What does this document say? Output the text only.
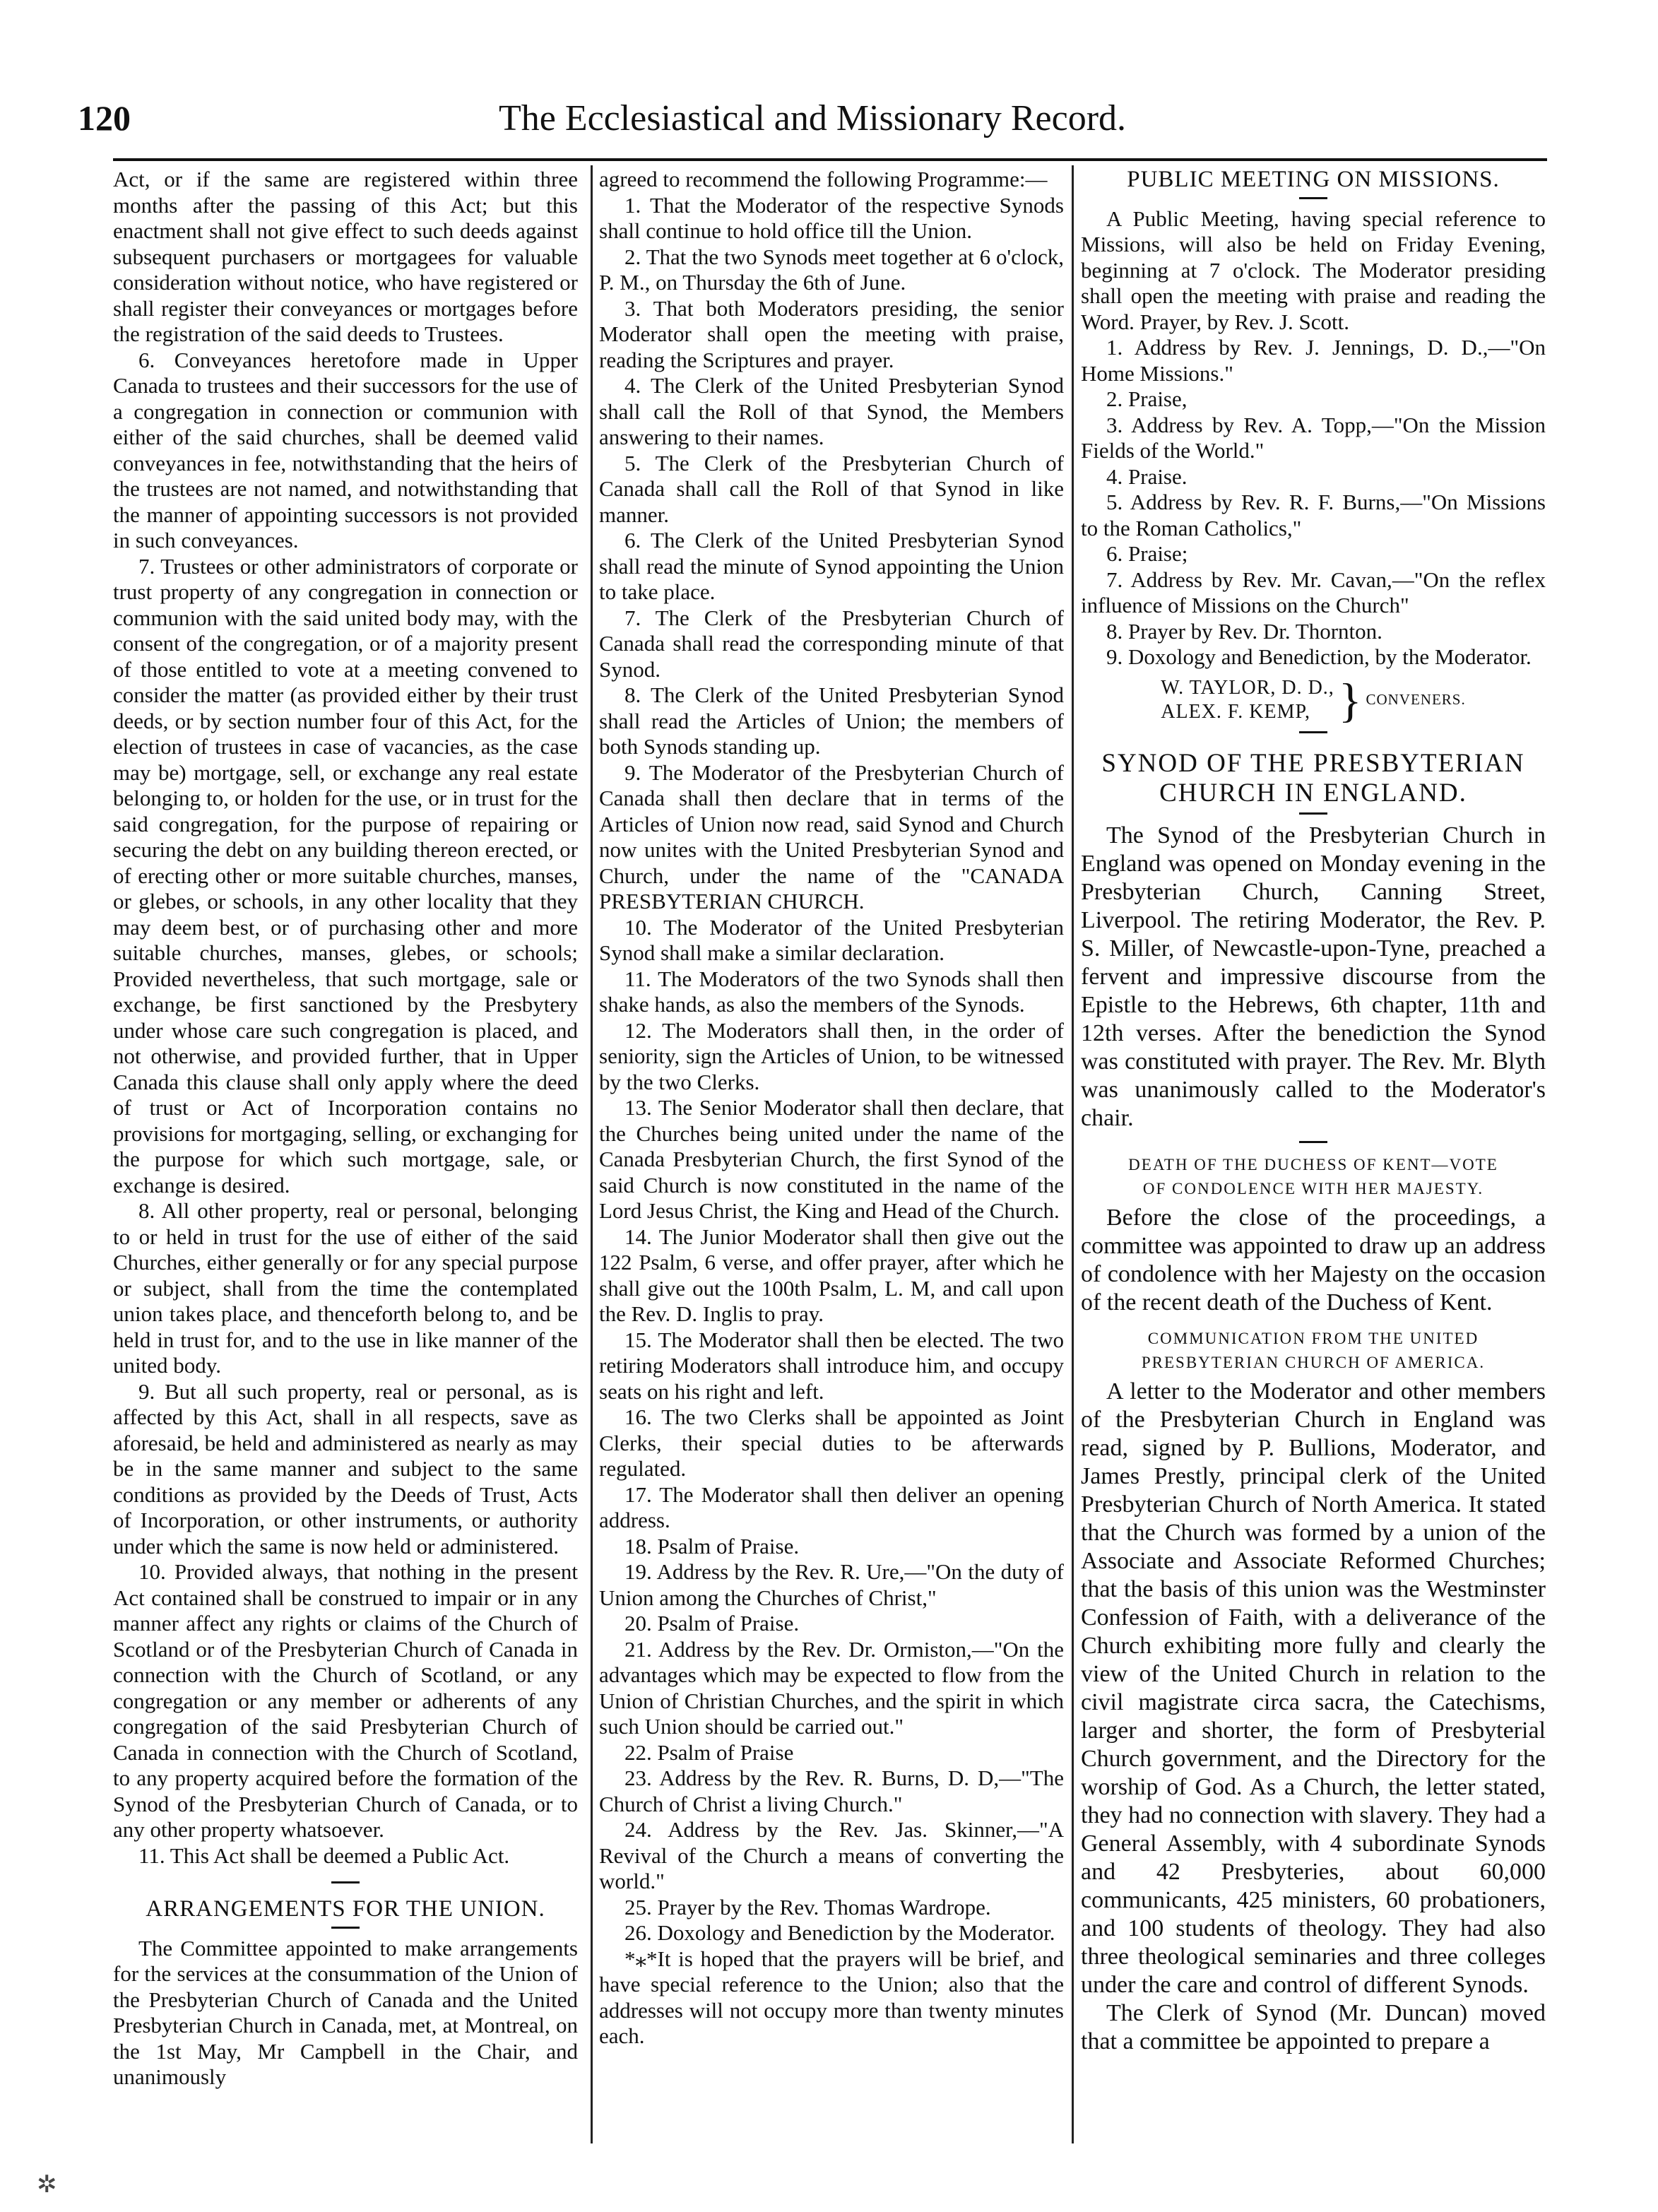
120	The Ecclesiastical and Missionary Record.

Act, or if the same are registered within three months after the passing of this Act; but this enactment shall not give effect to such deeds against subsequent purchasers or mortgagees for valuable consideration without notice, who have registered or shall register their conveyances or mortgages before the registration of the said deeds to Trustees.

6. Conveyances heretofore made in Upper Canada to trustees and their successors for the use of a congregation in connection or communion with either of the said churches, shall be deemed valid conveyances in fee, notwithstanding that the heirs of the trustees are not named, and notwithstanding that the manner of appointing successors is not provided in such conveyances.

7. Trustees or other administrators of corporate or trust property of any congregation in connection or communion with the said united body may, with the consent of the congregation, or of a majority present of those entitled to vote at a meeting convened to consider the matter (as provided either by their trust deeds, or by section number four of this Act, for the election of trustees in case of vacancies, as the case may be) mortgage, sell, or exchange any real estate belonging to, or holden for the use, or in trust for the said congregation, for the purpose of repairing or securing the debt on any building thereon erected, or of erecting other or more suitable churches, manses, or glebes, or schools, in any other locality that they may deem best, or of purchasing other and more suitable churches, manses, glebes, or schools; Provided nevertheless, that such mortgage, sale or exchange, be first sanctioned by the Presbytery under whose care such congregation is placed, and not otherwise, and provided further, that in Upper Canada this clause shall only apply where the deed of trust or Act of Incorporation contains no provisions for mortgaging, selling, or exchanging for the purpose for which such mortgage, sale, or exchange is desired.

8. All other property, real or personal, belonging to or held in trust for the use of either of the said Churches, either generally or for any special purpose or subject, shall from the time the contemplated union takes place, and thenceforth belong to, and be held in trust for, and to the use in like manner of the united body.

9. But all such property, real or personal, as is affected by this Act, shall in all respects, save as aforesaid, be held and administered as nearly as may be in the same manner and subject to the same conditions as provided by the Deeds of Trust, Acts of Incorporation, or other instruments, or authority under which the same is now held or administered.

10. Provided always, that nothing in the present Act contained shall be construed to impair or in any manner affect any rights or claims of the Church of Scotland or of the Presbyterian Church of Canada in connection with the Church of Scotland, or any congregation or any member or adherents of any congregation of the said Presbyterian Church of Canada in connection with the Church of Scotland, to any property acquired before the formation of the Synod of the Presbyterian Church of Canada, or to any other property whatsoever.

11. This Act shall be deemed a Public Act.

ARRANGEMENTS FOR THE UNION.

The Committee appointed to make arrangements for the services at the consummation of the Union of the Presbyterian Church of Canada and the United Presbyterian Church in Canada, met, at Montreal, on the 1st May, Mr Campbell in the Chair, and unanimously

agreed to recommend the following Programme:—

1. That the Moderator of the respective Synods shall continue to hold office till the Union.

2. That the two Synods meet together at 6 o'clock, P. M., on Thursday the 6th of June.

3. That both Moderators presiding, the senior Moderator shall open the meeting with praise, reading the Scriptures and prayer.

4. The Clerk of the United Presbyterian Synod shall call the Roll of that Synod, the Members answering to their names.

5. The Clerk of the Presbyterian Church of Canada shall call the Roll of that Synod in like manner.

6. The Clerk of the United Presbyterian Synod shall read the minute of Synod appointing the Union to take place.

7. The Clerk of the Presbyterian Church of Canada shall read the corresponding minute of that Synod.

8. The Clerk of the United Presbyterian Synod shall read the Articles of Union; the members of both Synods standing up.

9. The Moderator of the Presbyterian Church of Canada shall then declare that in terms of the Articles of Union now read, said Synod and Church now unites with the United Presbyterian Synod and Church, under the name of the "CANADA PRESBYTERIAN CHURCH.

10. The Moderator of the United Presbyterian Synod shall make a similar declaration.

11. The Moderators of the two Synods shall then shake hands, as also the members of the Synods.

12. The Moderators shall then, in the order of seniority, sign the Articles of Union, to be witnessed by the two Clerks.

13. The Senior Moderator shall then declare, that the Churches being united under the name of the Canada Presbyterian Church, the first Synod of the said Church is now constituted in the name of the Lord Jesus Christ, the King and Head of the Church.

14. The Junior Moderator shall then give out the 122 Psalm, 6 verse, and offer prayer, after which he shall give out the 100th Psalm, L. M, and call upon the Rev. D. Inglis to pray.

15. The Moderator shall then be elected. The two retiring Moderators shall introduce him, and occupy seats on his right and left.

16. The two Clerks shall be appointed as Joint Clerks, their special duties to be afterwards regulated.

17. The Moderator shall then deliver an opening address.

18. Psalm of Praise.

19. Address by the Rev. R. Ure,—"On the duty of Union among the Churches of Christ,"

20. Psalm of Praise.

21. Address by the Rev. Dr. Ormiston,—"On the advantages which may be expected to flow from the Union of Christian Churches, and the spirit in which such Union should be carried out."

22. Psalm of Praise

23. Address by the Rev. R. Burns, D. D,—"The Church of Christ a living Church."

24. Address by the Rev. Jas. Skinner,—"A Revival of the Church a means of converting the world."

25. Prayer by the Rev. Thomas Wardrope.

26. Doxology and Benediction by the Moderator.

*⁎*It is hoped that the prayers will be brief, and have special reference to the Union; also that the addresses will not occupy more than twenty minutes each.

PUBLIC MEETING ON MISSIONS.

A Public Meeting, having special reference to Missions, will also be held on Friday Evening, beginning at 7 o'clock. The Moderator presiding shall open the meeting with praise and reading the Word. Prayer, by Rev. J. Scott.

1. Address by Rev. J. Jennings, D. D.,—"On Home Missions."

2. Praise,

3. Address by Rev. A. Topp,—"On the Mission Fields of the World."

4. Praise.

5. Address by Rev. R. F. Burns,—"On Missions to the Roman Catholics,"

6. Praise;

7. Address by Rev. Mr. Cavan,—"On the reflex influence of Missions on the Church"

8. Prayer by Rev. Dr. Thornton.

9. Doxology and Benediction, by the Moderator.

W. TAYLOR, D. D.,
ALEX. F. KEMP, } CONVENERS.
SYNOD OF THE PRESBYTERIAN CHURCH IN ENGLAND.

The Synod of the Presbyterian Church in England was opened on Monday evening in the Presbyterian Church, Canning Street, Liverpool. The retiring Moderator, the Rev. P. S. Miller, of Newcastle-upon-Tyne, preached a fervent and impressive discourse from the Epistle to the Hebrews, 6th chapter, 11th and 12th verses. After the benediction the Synod was constituted with prayer. The Rev. Mr. Blyth was unanimously called to the Moderator's chair.

DEATH OF THE DUCHESS OF KENT—VOTE
OF CONDOLENCE WITH HER MAJESTY.

Before the close of the proceedings, a committee was appointed to draw up an address of condolence with her Majesty on the occasion of the recent death of the Duchess of Kent.

COMMUNICATION FROM THE UNITED
PRESBYTERIAN CHURCH OF AMERICA.

A letter to the Moderator and other members of the Presbyterian Church in England was read, signed by P. Bullions, Moderator, and James Prestly, principal clerk of the United Presbyterian Church of North America. It stated that the Church was formed by a union of the Associate and Associate Reformed Churches; that the basis of this union was the Westminster Confession of Faith, with a deliverance of the Church exhibiting more fully and clearly the view of the United Church in relation to the civil magistrate circa sacra, the Catechisms, larger and shorter, the form of Presbyterial Church government, and the Directory for the worship of God. As a Church, the letter stated, they had no connection with slavery. They had a General Assembly, with 4 subordinate Synods and 42 Presbyteries, about 60,000 communicants, 425 ministers, 60 probationers, and 100 students of theology. They had also three theological seminaries and three colleges under the care and control of different Synods.

The Clerk of Synod (Mr. Duncan) moved that a committee be appointed to prepare a

✲
